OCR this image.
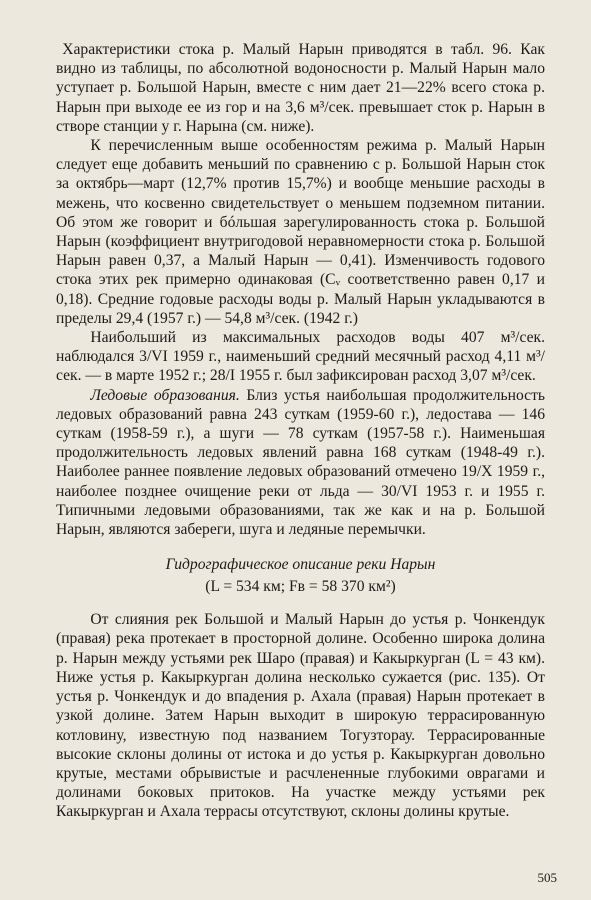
Характеристики стока р. Малый Нарын приводятся в табл. 96. Как видно из таблицы, по абсолютной водоносности р. Малый Нарын мало уступает р. Большой Нарын, вместе с ним дает 21—22% всего стока р. Нарын при выходе ее из гор и на 3,6 м³/сек. превышает сток р. Нарын в створе станции у г. Нарына (см. ниже).

К перечисленным выше особенностям режима р. Малый Нарын следует еще добавить меньший по сравнению с р. Большой Нарын сток за октябрь—март (12,7% против 15,7%) и вообще меньшие расходы в межень, что косвенно свидетельствует о меньшем подземном питании. Об этом же говорит и бóльшая зарегулированность стока р. Большой Нарын (коэффициент внутригодовой неравномерности стока р. Большой Нарын равен 0,37, а Малый Нарын — 0,41). Изменчивость годового стока этих рек примерно одинаковая (Cᵥ соответственно равен 0,17 и 0,18). Средние годовые расходы воды р. Малый Нарын укладываются в пределы 29,4 (1957 г.) — 54,8 м³/сек. (1942 г.)

Наибольший из максимальных расходов воды 407 м³/сек. наблюдался 3/VI 1959 г., наименьший средний месячный расход 4,11 м³/сек. — в марте 1952 г.; 28/I 1955 г. был зафиксирован расход 3,07 м³/сек.

Ледовые образования. Близ устья наибольшая продолжительность ледовых образований равна 243 суткам (1959-60 г.), ледостава — 146 суткам (1958-59 г.), а шуги — 78 суткам (1957-58 г.). Наименьшая продолжительность ледовых явлений равна 168 суткам (1948-49 г.). Наиболее раннее появление ледовых образований отмечено 19/X 1959 г., наиболее позднее очищение реки от льда — 30/VI 1953 г. и 1955 г. Типичными ледовыми образованиями, так же как и на р. Большой Нарын, являются забереги, шуга и ледяные перемычки.

Гидрографическое описание реки Нарын
(L = 534 км; Fв = 58 370 км²)

От слияния рек Большой и Малый Нарын до устья р. Чонкендук (правая) река протекает в просторной долине. Особенно широка долина р. Нарын между устьями рек Шаро (правая) и Какыркурган (L = 43 км). Ниже устья р. Какыркурган долина несколько сужается (рис. 135). От устья р. Чонкендук и до впадения р. Ахала (правая) Нарын протекает в узкой долине. Затем Нарын выходит в широкую террасированную котловину, известную под названием Тогузторау. Террасированные высокие склоны долины от истока и до устья р. Какыркурган довольно крутые, местами обрывистые и расчлененные глубокими оврагами и долинами боковых притоков. На участке между устьями рек Какыркурган и Ахала террасы отсутствуют, склоны долины крутые.

505
